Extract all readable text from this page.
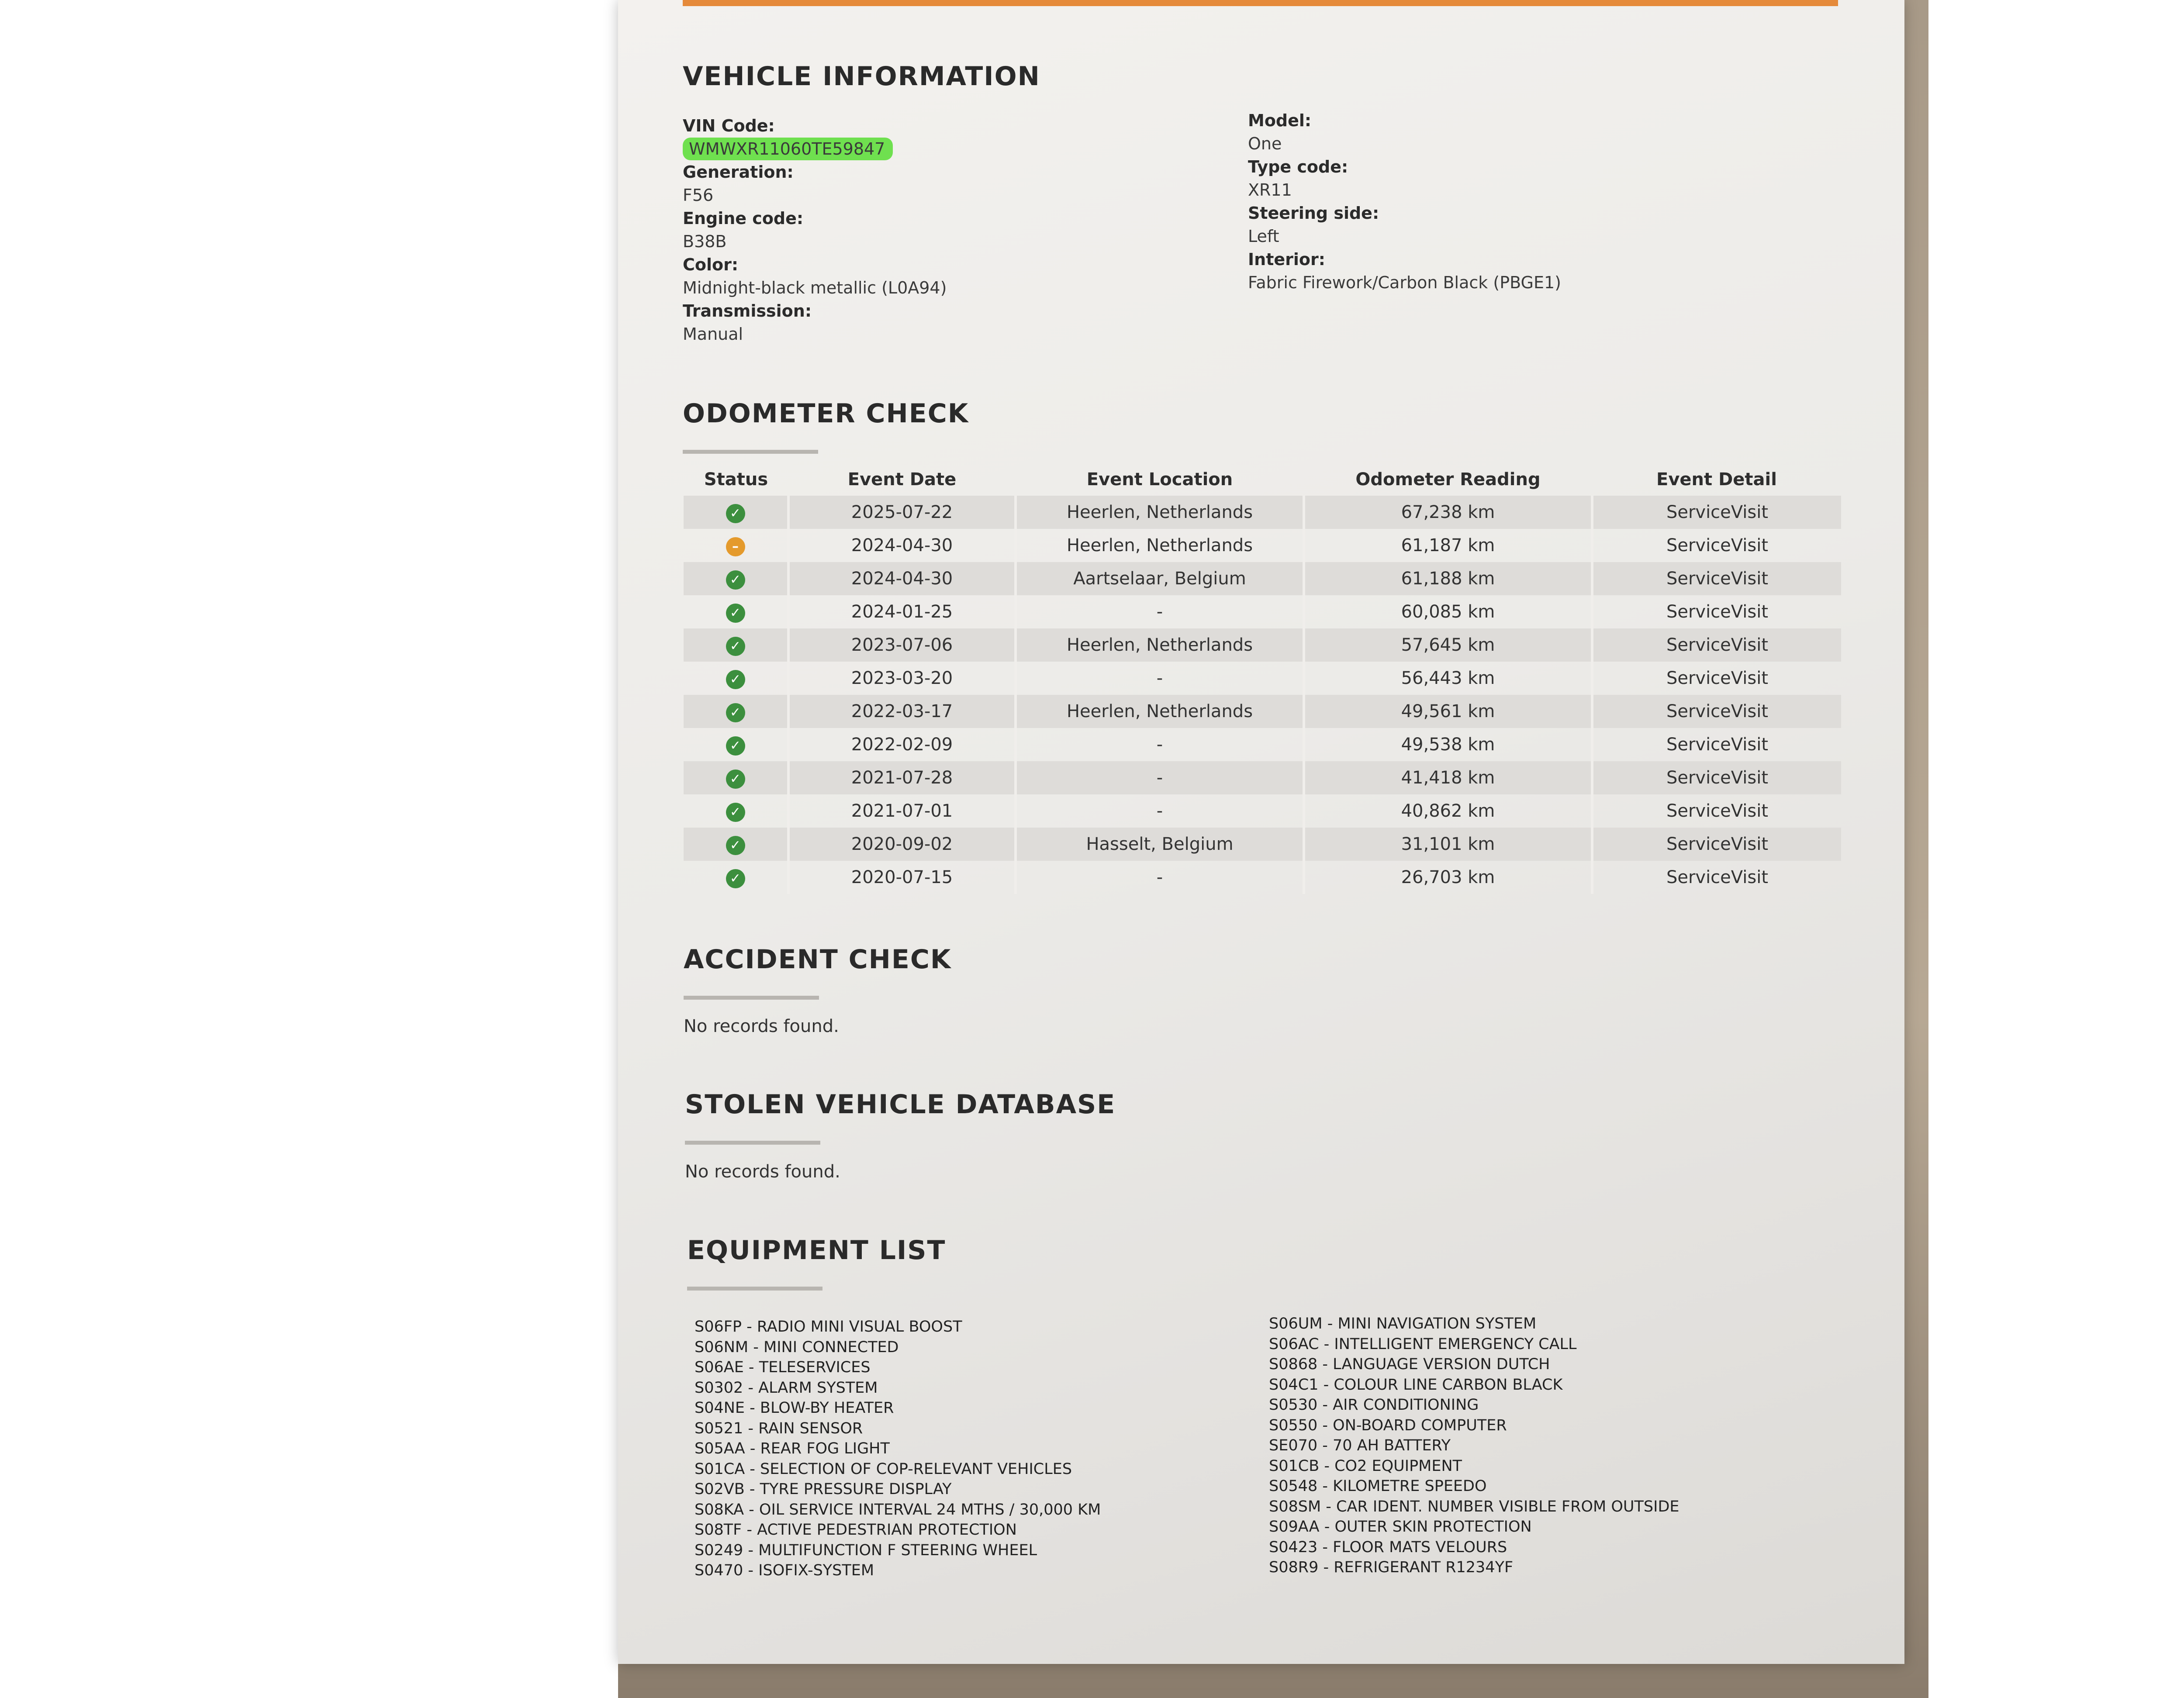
VEHICLE INFORMATION
VIN Code:
WMWXR11060TE59847
Generation:
F56
Engine code:
B38B
Color:
Midnight-black metallic (L0A94)
Transmission:
Manual
Model:
One
Type code:
XR11
Steering side:
Left
Interior:
Fabric Firework/Carbon Black (PBGE1)
ODOMETER CHECK
Status	Event Date	Event Location	Odometer Reading	Event Detail
✓	2025-07-22	Heerlen, Netherlands	67,238 km	ServiceVisit
–	2024-04-30	Heerlen, Netherlands	61,187 km	ServiceVisit
✓	2024-04-30	Aartselaar, Belgium	61,188 km	ServiceVisit
✓	2024-01-25	-	60,085 km	ServiceVisit
✓	2023-07-06	Heerlen, Netherlands	57,645 km	ServiceVisit
✓	2023-03-20	-	56,443 km	ServiceVisit
✓	2022-03-17	Heerlen, Netherlands	49,561 km	ServiceVisit
✓	2022-02-09	-	49,538 km	ServiceVisit
✓	2021-07-28	-	41,418 km	ServiceVisit
✓	2021-07-01	-	40,862 km	ServiceVisit
✓	2020-09-02	Hasselt, Belgium	31,101 km	ServiceVisit
✓	2020-07-15	-	26,703 km	ServiceVisit
ACCIDENT CHECK
No records found.
STOLEN VEHICLE DATABASE
No records found.
EQUIPMENT LIST
S06FP - RADIO MINI VISUAL BOOST
S06NM - MINI CONNECTED
S06AE - TELESERVICES
S0302 - ALARM SYSTEM
S04NE - BLOW-BY HEATER
S0521 - RAIN SENSOR
S05AA - REAR FOG LIGHT
S01CA - SELECTION OF COP-RELEVANT VEHICLES
S02VB - TYRE PRESSURE DISPLAY
S08KA - OIL SERVICE INTERVAL 24 MTHS / 30,000 KM
S08TF - ACTIVE PEDESTRIAN PROTECTION
S0249 - MULTIFUNCTION F STEERING WHEEL
S0470 - ISOFIX-SYSTEM
S06UM - MINI NAVIGATION SYSTEM
S06AC - INTELLIGENT EMERGENCY CALL
S0868 - LANGUAGE VERSION DUTCH
S04C1 - COLOUR LINE CARBON BLACK
S0530 - AIR CONDITIONING
S0550 - ON-BOARD COMPUTER
SE070 - 70 AH BATTERY
S01CB - CO2 EQUIPMENT
S0548 - KILOMETRE SPEEDO
S08SM - CAR IDENT. NUMBER VISIBLE FROM OUTSIDE
S09AA - OUTER SKIN PROTECTION
S0423 - FLOOR MATS VELOURS
S08R9 - REFRIGERANT R1234YF
